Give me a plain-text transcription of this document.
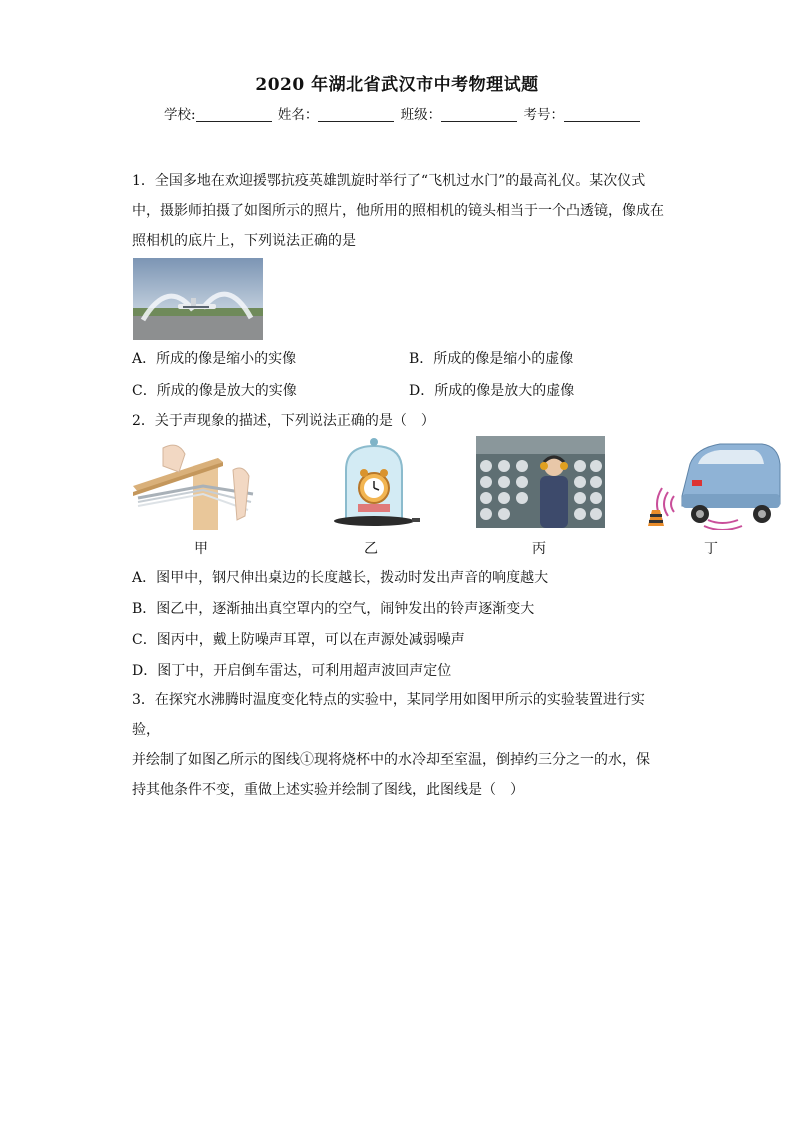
2020 年湖北省武汉市中考物理试题
学校:	姓名：	班级：	考号：

1．全国多地在欢迎援鄂抗疫英雄凯旋时举行了“飞机过水门”的最高礼仪。某次仪式

中，摄影师拍摄了如图所示的照片，他所用的照相机的镜头相当于一个凸透镜，像成在

照相机的底片上，下列说法正确的是

A．所成的像是缩小的实像	B．所成的像是缩小的虚像
C．所成的像是放大的实像	D．所成的像是放大的虚像
2．关于声现象的描述，下列说法正确的是（　）
甲	乙	丙	丁
A．图甲中，钢尺伸出桌边的长度越长，拨动时发出声音的响度越大
B．图乙中，逐渐抽出真空罩内的空气，闹钟发出的铃声逐渐变大
C．图丙中，戴上防噪声耳罩，可以在声源处减弱噪声
D．图丁中，开启倒车雷达，可利用超声波回声定位

3．在探究水沸腾时温度变化特点的实验中，某同学用如图甲所示的实验装置进行实验，

并绘制了如图乙所示的图线①现将烧杯中的水冷却至室温，倒掉约三分之一的水，保

持其他条件不变，重做上述实验并绘制了图线，此图线是（　）
